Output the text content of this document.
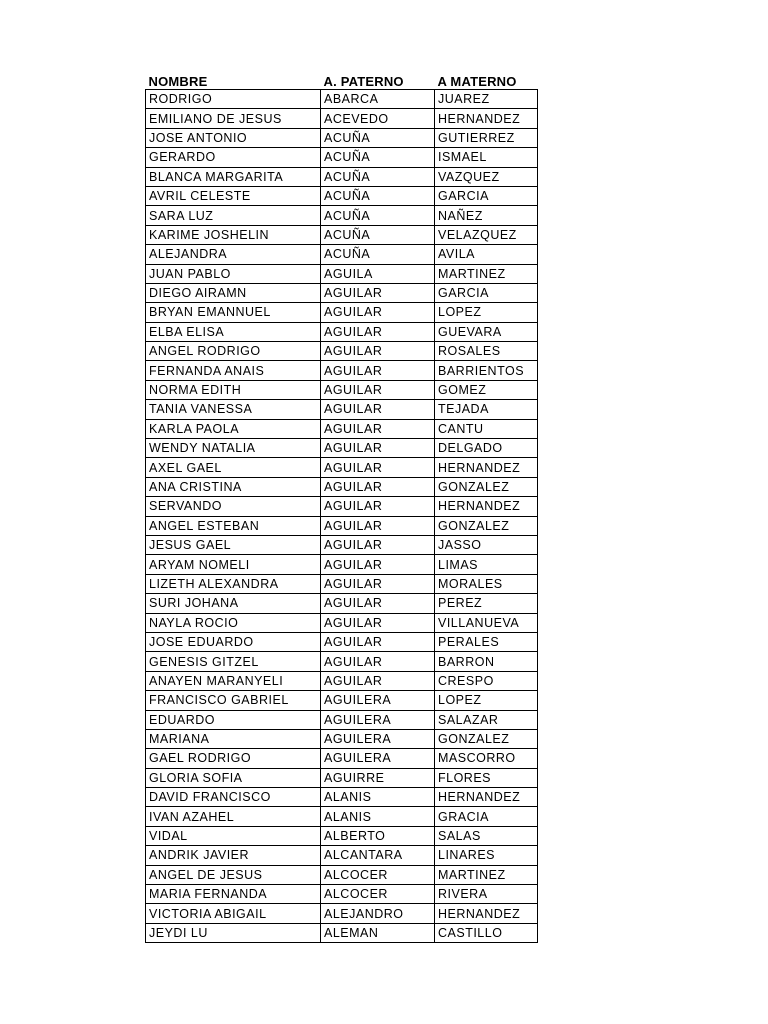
NOMBRE	A. PATERNO	A MATERNO
RODRIGO	ABARCA	JUAREZ
EMILIANO DE JESUS	ACEVEDO	HERNANDEZ
JOSE ANTONIO	ACUÑA	GUTIERREZ
GERARDO	ACUÑA	ISMAEL
BLANCA MARGARITA	ACUÑA	VAZQUEZ
AVRIL CELESTE	ACUÑA	GARCIA
SARA LUZ	ACUÑA	NAÑEZ
KARIME JOSHELIN	ACUÑA	VELAZQUEZ
ALEJANDRA	ACUÑA	AVILA
JUAN PABLO	AGUILA	MARTINEZ
DIEGO AIRAMN	AGUILAR	GARCIA
BRYAN EMANNUEL	AGUILAR	LOPEZ
ELBA ELISA	AGUILAR	GUEVARA
ANGEL RODRIGO	AGUILAR	ROSALES
FERNANDA ANAIS	AGUILAR	BARRIENTOS
NORMA EDITH	AGUILAR	GOMEZ
TANIA VANESSA	AGUILAR	TEJADA
KARLA PAOLA	AGUILAR	CANTU
WENDY NATALIA	AGUILAR	DELGADO
AXEL GAEL	AGUILAR	HERNANDEZ
ANA CRISTINA	AGUILAR	GONZALEZ
SERVANDO	AGUILAR	HERNANDEZ
ANGEL ESTEBAN	AGUILAR	GONZALEZ
JESUS GAEL	AGUILAR	JASSO
ARYAM NOMELI	AGUILAR	LIMAS
LIZETH ALEXANDRA	AGUILAR	MORALES
SURI JOHANA	AGUILAR	PEREZ
NAYLA ROCIO	AGUILAR	VILLANUEVA
JOSE EDUARDO	AGUILAR	PERALES
GENESIS GITZEL	AGUILAR	BARRON
ANAYEN MARANYELI	AGUILAR	CRESPO
FRANCISCO GABRIEL	AGUILERA	LOPEZ
EDUARDO	AGUILERA	SALAZAR
MARIANA	AGUILERA	GONZALEZ
GAEL RODRIGO	AGUILERA	MASCORRO
GLORIA SOFIA	AGUIRRE	FLORES
DAVID FRANCISCO	ALANIS	HERNANDEZ
IVAN AZAHEL	ALANIS	GRACIA
VIDAL	ALBERTO	SALAS
ANDRIK JAVIER	ALCANTARA	LINARES
ANGEL DE JESUS	ALCOCER	MARTINEZ
MARIA FERNANDA	ALCOCER	RIVERA
VICTORIA ABIGAIL	ALEJANDRO	HERNANDEZ
JEYDI LU	ALEMAN	CASTILLO
